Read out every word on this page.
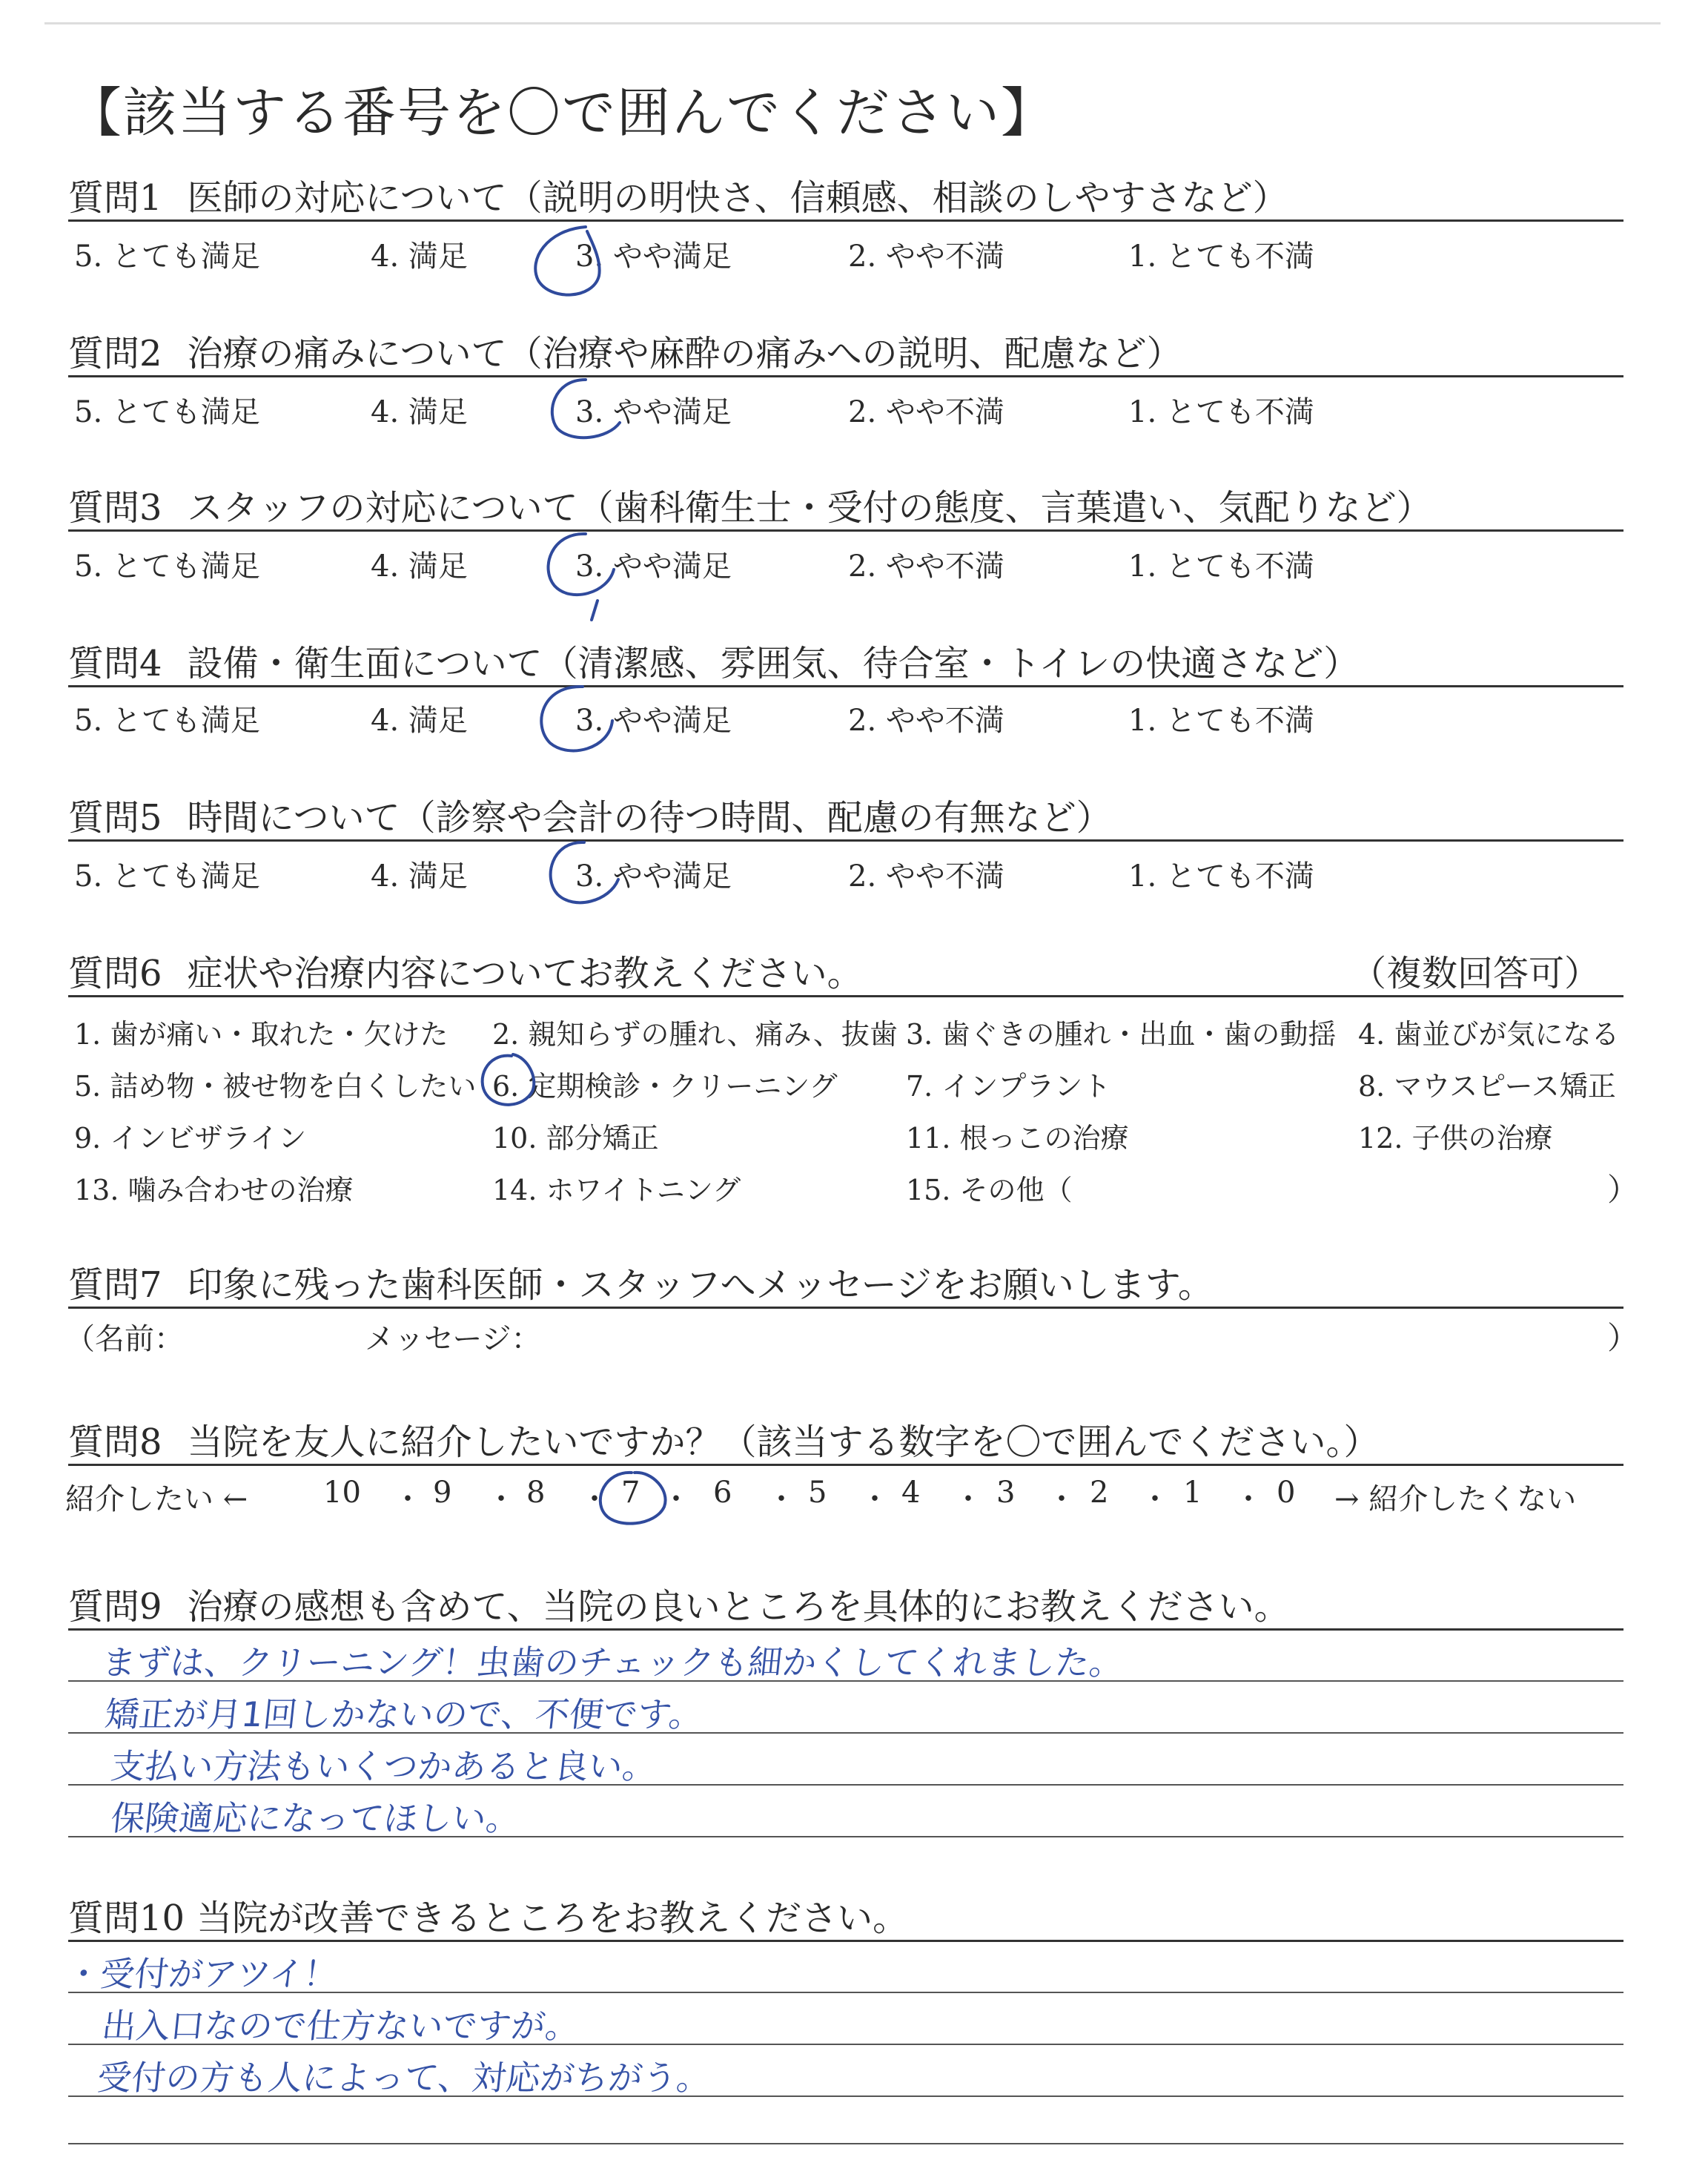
【該当する番号を〇で囲んでください】
質問1 医師の対応について（説明の明快さ、信頼感、相談のしやすさなど）
5. とても満足	4. 満足	3. やや満足	2. やや不満	1. とても不満
質問2 治療の痛みについて（治療や麻酔の痛みへの説明、配慮など）
5. とても満足	4. 満足	3. やや満足	2. やや不満	1. とても不満
質問3 スタッフの対応について（歯科衛生士・受付の態度、言葉遣い、気配りなど）
5. とても満足	4. 満足	3. やや満足	2. やや不満	1. とても不満
質問4 設備・衛生面について（清潔感、雰囲気、待合室・トイレの快適さなど）
5. とても満足	4. 満足	3. やや満足	2. やや不満	1. とても不満
質問5 時間について（診察や会計の待つ時間、配慮の有無など）
5. とても満足	4. 満足	3. やや満足	2. やや不満	1. とても不満
質問6 症状や治療内容についてお教えください。	（複数回答可）
1. 歯が痛い・取れた・欠けた 2. 親知らずの腫れ、痛み、抜歯 3. 歯ぐきの腫れ・出血・歯の動揺 4. 歯並びが気になる
5. 詰め物・被せ物を白くしたい 6. 定期検診・クリーニング 7. インプラント	8. マウスピース矯正
9. インビザライン	10. 部分矯正	11. 根っこの治療	12. 子供の治療
13. 噛み合わせの治療	14. ホワイトニング	15. その他（	）
質問7 印象に残った歯科医師・スタッフへメッセージをお願いします。
（名前：	メッセージ：	）
質問8 当院を友人に紹介したいですか？（該当する数字を〇で囲んでください。）
紹介したい ←	10 ・ 9 ・ 8 ・ 7 ・ 6 ・ 5 ・ 4 ・ 3 ・ 2 ・ 1 ・ 0 → 紹介したくない
質問9 治療の感想も含めて、当院の良いところを具体的にお教えください。
まずは、クリーニング！虫歯のチェックも細かくしてくれました。
矯正が月1回しかないので、不便です。
支払い方法もいくつかあると良い。
保険適応になってほしい。
質問10 当院が改善できるところをお教えください。
・受付がアツイ！
出入口なので仕方ないですが。
受付の方も人によって、対応がちがう。
